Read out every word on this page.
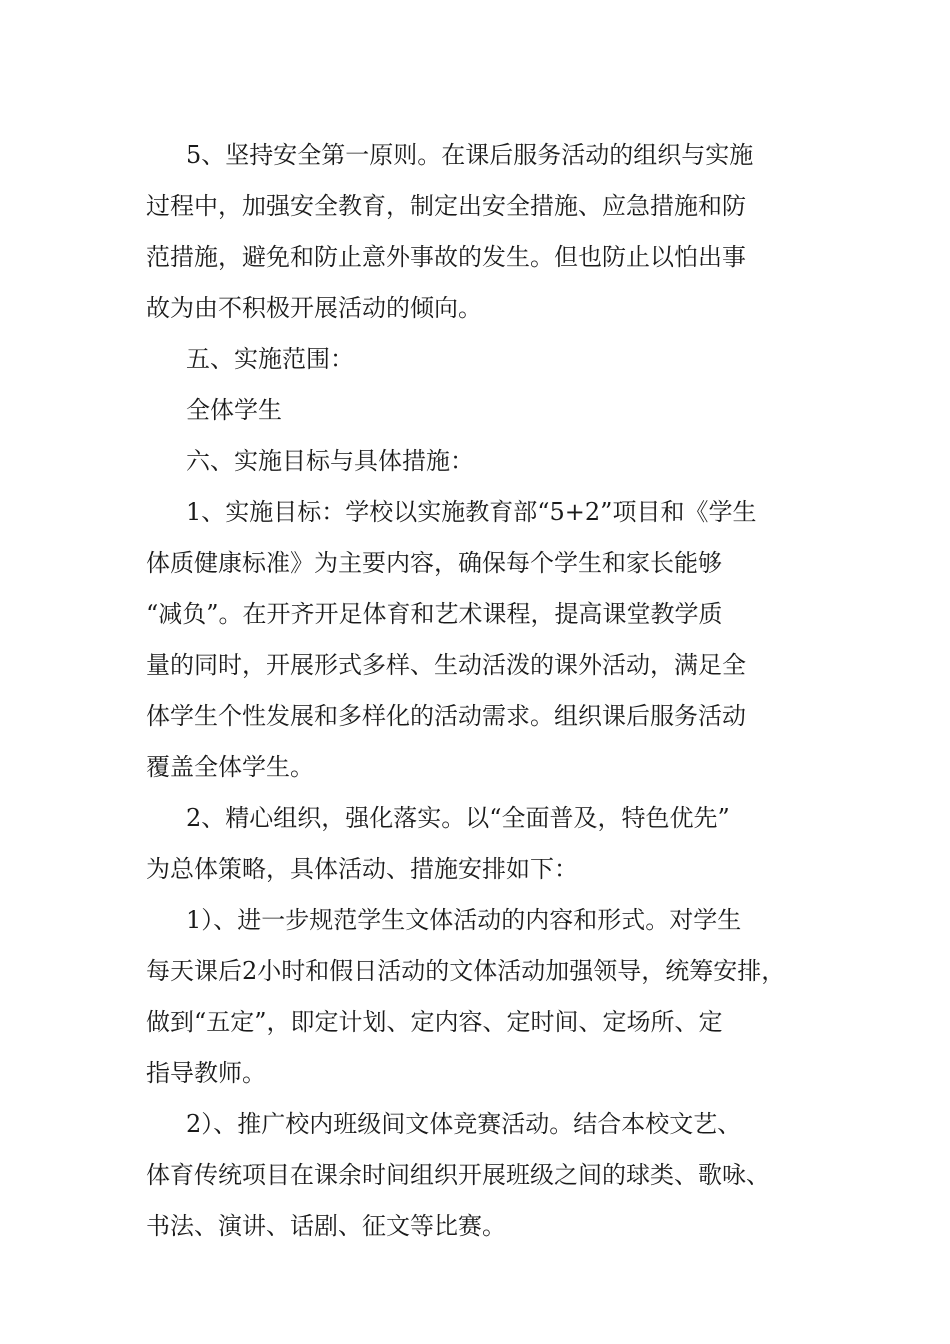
5、坚持安全第一原则。在课后服务活动的组织与实施
过程中，加强安全教育，制定出安全措施、应急措施和防
范措施，避免和防止意外事故的发生。但也防止以怕出事
故为由不积极开展活动的倾向。
五、实施范围：
全体学生
六、实施目标与具体措施：
1、实施目标：学校以实施教育部“5+2”项目和《学生
体质健康标准》为主要内容，确保每个学生和家长能够
“减负”。在开齐开足体育和艺术课程，提高课堂教学质
量的同时，开展形式多样、生动活泼的课外活动，满足全
体学生个性发展和多样化的活动需求。组织课后服务活动
覆盖全体学生。
2、精心组织，强化落实。以“全面普及，特色优先”
为总体策略，具体活动、措施安排如下：
1）、进一步规范学生文体活动的内容和形式。对学生
每天课后2小时和假日活动的文体活动加强领导，统筹安排，
做到“五定”，即定计划、定内容、定时间、定场所、定
指导教师。
2）、推广校内班级间文体竞赛活动。结合本校文艺、
体育传统项目在课余时间组织开展班级之间的球类、歌咏、
书法、演讲、话剧、征文等比赛。
